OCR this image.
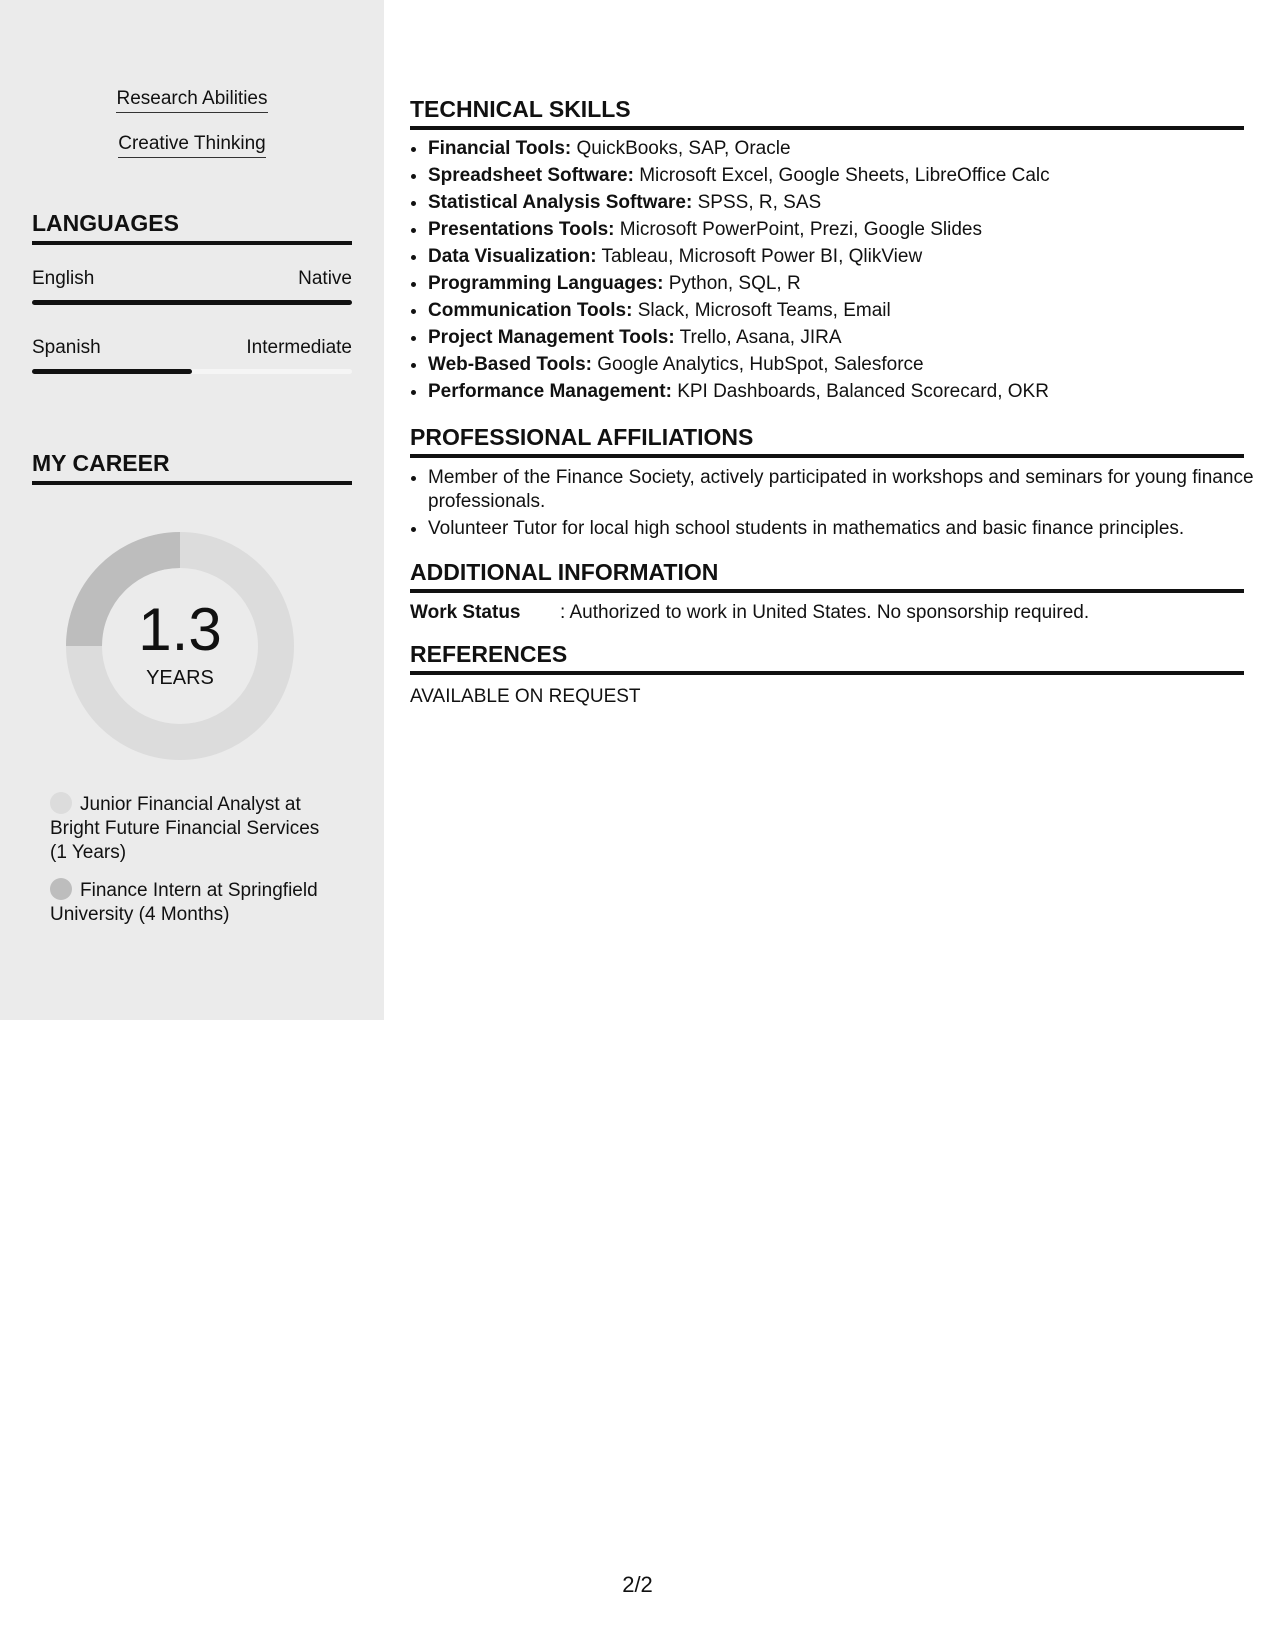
Research Abilities
Creative Thinking
LANGUAGES
English	Native
Spanish	Intermediate
MY CAREER
1.3
YEARS
Junior Financial Analyst at Bright Future Financial Services (1 Years)
Finance Intern at Springfield University (4 Months)
TECHNICAL SKILLS
• Financial Tools: QuickBooks, SAP, Oracle
• Spreadsheet Software: Microsoft Excel, Google Sheets, LibreOffice Calc
• Statistical Analysis Software: SPSS, R, SAS
• Presentations Tools: Microsoft PowerPoint, Prezi, Google Slides
• Data Visualization: Tableau, Microsoft Power BI, QlikView
• Programming Languages: Python, SQL, R
• Communication Tools: Slack, Microsoft Teams, Email
• Project Management Tools: Trello, Asana, JIRA
• Web-Based Tools: Google Analytics, HubSpot, Salesforce
• Performance Management: KPI Dashboards, Balanced Scorecard, OKR
PROFESSIONAL AFFILIATIONS
• Member of the Finance Society, actively participated in workshops and seminars for young finance professionals.
• Volunteer Tutor for local high school students in mathematics and basic finance principles.
ADDITIONAL INFORMATION
Work Status : Authorized to work in United States. No sponsorship required.
REFERENCES
AVAILABLE ON REQUEST
2/2
